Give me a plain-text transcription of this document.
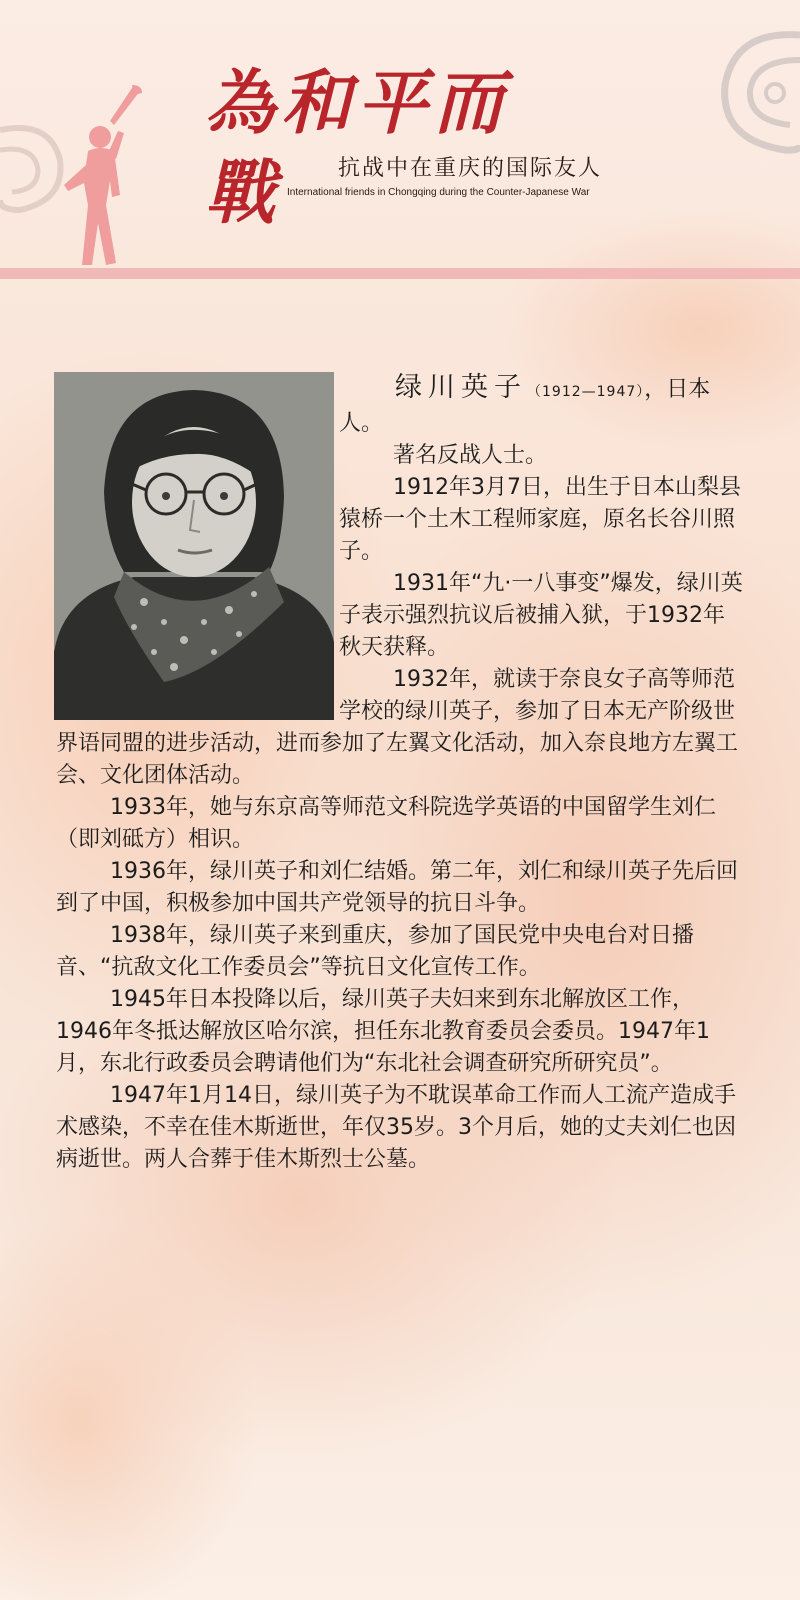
為和平而戰	抗战中在重庆的国际友人
International friends in Chongqing during the Counter-Japanese War

绿川英子（1912—1947），日本人。

著名反战人士。

1912年3月7日，出生于日本山梨县猿桥一个土木工程师家庭，原名长谷川照子。

1931年“九·一八事变”爆发，绿川英子表示强烈抗议后被捕入狱，于1932年秋天获释。

1932年，就读于奈良女子高等师范学校的绿川英子，参加了日本无产阶级世界语同盟的进步活动，进而参加了左翼文化活动，加入奈良地方左翼工会、文化团体活动。

1933年，她与东京高等师范文科院选学英语的中国留学生刘仁（即刘砥方）相识。

1936年，绿川英子和刘仁结婚。第二年，刘仁和绿川英子先后回到了中国，积极参加中国共产党领导的抗日斗争。

1938年，绿川英子来到重庆，参加了国民党中央电台对日播音、“抗敌文化工作委员会”等抗日文化宣传工作。

1945年日本投降以后，绿川英子夫妇来到东北解放区工作，1946年冬抵达解放区哈尔滨，担任东北教育委员会委员。1947年1月，东北行政委员会聘请他们为“东北社会调查研究所研究员”。

1947年1月14日，绿川英子为不耽误革命工作而人工流产造成手术感染，不幸在佳木斯逝世，年仅35岁。3个月后，她的丈夫刘仁也因病逝世。两人合葬于佳木斯烈士公墓。
